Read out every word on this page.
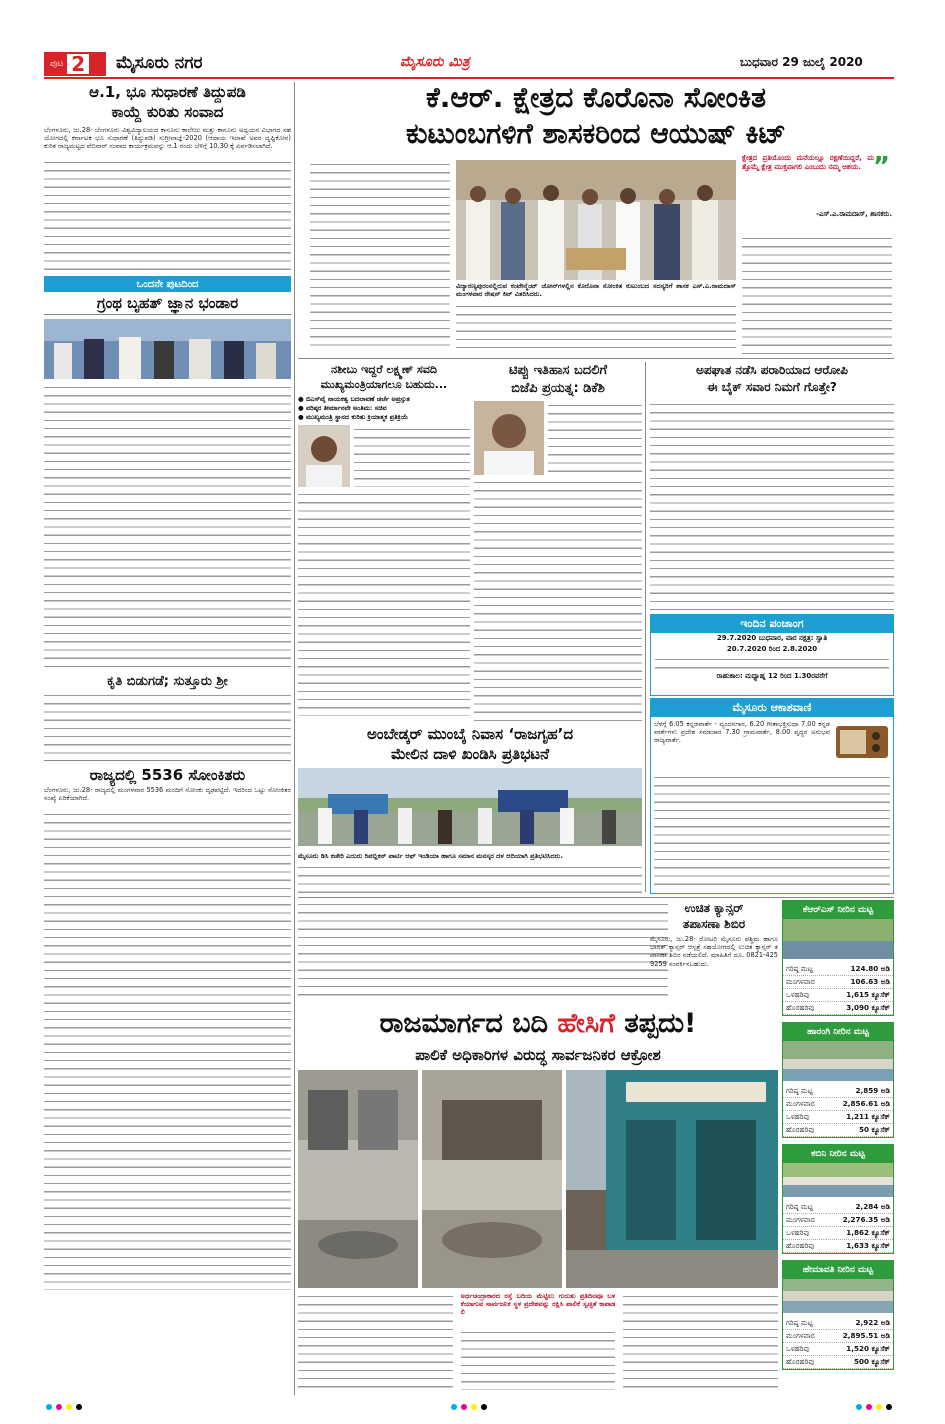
ಪುಟ 2 ಮೈಸೂರು ನಗರ	ಮೈಸೂರು ಮಿತ್ರ	ಬುಧವಾರ 29 ಜುಲೈ 2020
ಆ.1, ಭೂ ಸುಧಾರಣೆ ತಿದ್ದುಪಡಿ
ಕಾಯ್ದೆ ಕುರಿತು ಸಂವಾದ
ಬೆಂಗಳೂರು, ಜು.28- ಬೆಂಗಳೂರು ವಿಶ್ವವಿದ್ಯಾಲಯದ ಕಾನೂನು ಕಾಲೇಜು ಮತ್ತು ಕಾನೂನು ಅಧ್ಯಯನ ವಿಭಾಗದ ಸಹಯೋಗದಲ್ಲಿ ಕರ್ನಾಟಕ ಭೂ ಸುಧಾರಣೆ (ತಿದ್ದುಪಡಿ) ಸುಗ್ರೀವಾಜ್ಞೆ-2020 (ಆದಾಯ ಇಲಾಖೆ ಅವರ ದೃಷ್ಟಿಕೋನ) ಕುರಿತ ರಾಜ್ಯಮಟ್ಟದ ವೆಬಿನಾರ್ ಸಂವಾದ ಕಾರ್ಯಕ್ರಮವನ್ನು ಆ.1 ರಂದು ಬೆಳಿಗ್ಗೆ 10.30 ಕ್ಕೆ ಏರ್ಪಡಿಸಲಾಗಿದೆ.
ಒಂದನೇ ಪುಟದಿಂದ
ಗ್ರಂಥ ಬೃಹತ್ ಜ್ಞಾನ ಭಂಡಾರ
ಕೃತಿ ಬಿಡುಗಡೆ; ಸುತ್ತೂರು ಶ್ರೀ
ರಾಜ್ಯದಲ್ಲಿ 5536 ಸೋಂಕಿತರು
ಬೆಂಗಳೂರು, ಜು.28- ರಾಜ್ಯದಲ್ಲಿ ಮಂಗಳವಾರ 5536 ಮಂದಿಗೆ ಸೋಂಕು ದೃಢಪಟ್ಟಿದೆ. ಇದರಿಂದ ಒಟ್ಟು ಸೋಂಕಿತರ ಸಂಖ್ಯೆ ಏರಿಕೆಯಾಗಿದೆ.
ಕೆ.ಆರ್. ಕ್ಷೇತ್ರದ ಕೊರೊನಾ ಸೋಂಕಿತ
ಕುಟುಂಬಗಳಿಗೆ ಶಾಸಕರಿಂದ ಆಯುಷ್ ಕಿಟ್
ವಿದ್ಯಾರಣ್ಯಪುರಂನಲ್ಲಿರುವ ಕಂಟೇನ್ಮೆಂಟ್ ಜೋನ್‌ಗಳಲ್ಲಿನ ಕೊರೊನಾ ಸೋಂಕಿತ ಕುಟುಂಬದ ಸದಸ್ಯರಿಗೆ ಶಾಸಕ ಎಸ್.ಎ.ರಾಮದಾಸ್ ಮಂಗಳವಾರ ರೇಷನ್ ಕಿಟ್ ವಿತರಿಸಿದರು.
”
ಕ್ಷೇತ್ರದ ಪ್ರತಿಯೊಂದು ಮನೆಯಲ್ಲೂ ರಕ್ಷಣೆಯಿದ್ದರೆ, ಮತ್ತೊಮ್ಮೆ ಕ್ಷೇತ್ರ ಮುಕ್ತವಾಗಲಿ ಎಂಬುದು ನಮ್ಮ ಆಶಯ.
-ಎಸ್.ಎ.ರಾಮದಾಸ್, ಶಾಸಕರು.
ನಶೀಬು ಇದ್ದರೆ ಲಕ್ಷ್ಮಣ್ ಸವದಿ
ಮುಖ್ಯಮಂತ್ರಿಯಾಗಲೂ ಬಹುದು...
● ಬಿಎಸ್‌ವೈ ನಾಯಕತ್ವ ಬದಲಾವಣೆ ಚರ್ಚೆ ಅಪ್ರಸ್ತುತ
● ವರಿಷ್ಠರ ತೀರ್ಮಾನವೇ ಅಂತಿಮ: ಸಚಿವ
● ಮುಖ್ಯಮಂತ್ರಿ ಸ್ಥಾನದ ಕುರಿತು ಕ್ರಿಯಾತ್ಮಕ ಪ್ರತಿಕ್ರಿಯೆ
ಟಿಪ್ಪು ಇತಿಹಾಸ ಬದಲಿಗೆ
ಬಿಜೆಪಿ ಪ್ರಯತ್ನ: ಡಿಕೆಶಿ
ಅಂಬೇಡ್ಕರ್ ಮುಂಬೈ ನಿವಾಸ ‘ರಾಜಗೃಹ’ದ
ಮೇಲಿನ ದಾಳಿ ಖಂಡಿಸಿ ಪ್ರತಿಭಟನೆ
ಮೈಸೂರು ಡಿಸಿ ಕಚೇರಿ ಎದುರು ರಿಪಬ್ಲಿಕನ್ ಪಾರ್ಟಿ ಆಫ್ ಇಂಡಿಯಾ ಹಾಗೂ ಸಮಾನ ಮನಸ್ಕರ ದಳ ಆದಿಯಾಗಿ ಪ್ರತಿಭಟಿಸಿದರು.
ಅಪಘಾತ ನಡೆಸಿ ಪರಾರಿಯಾದ ಆರೋಪಿ
ಈ ಬೈಕ್ ಸವಾರ ನಿಮಗೆ ಗೊತ್ತೇ?
ಇಂದಿನ ಪಂಚಾಂಗ
29.7.2020 ಬುಧವಾರ, ವಾರ ನಕ್ಷತ್ರ: ಸ್ವಾತಿ
20.7.2020 ರಿಂದ 2.8.2020
ರಾಹುಕಾಲ: ಮಧ್ಯಾಹ್ನ 12 ರಿಂದ 1.30ರವರೆಗೆ
ಮೈಸೂರು ಆಕಾಶವಾಣಿ
ಬೆಳಗ್ಗೆ 6.05 ಕನ್ನಡವಾರ್ತೆ - ವ್ಯಂದನಗಾನ, 6.20 ಗೀತಾಭಕ್ತಿಸುಧಾ 7.00 ಕನ್ನಡ ವಾರ್ತೆಗಳು ಪ್ರದೇಶ ಸಮಾಚಾರ 7.30 ಗ್ರಾಮವಾರ್ತೆ, 8.00 ವೃದ್ಧರ ಅನುಭವ ರಾಜ್ಯವಾರ್ತೆ.
ರಾಜಮಾರ್ಗದ ಬದಿ ಹೇಸಿಗೆ ತಪ್ಪದು!
ಪಾಲಿಕೆ ಅಧಿಕಾರಿಗಳ ವಿರುದ್ಧ ಸಾರ್ವಜನಿಕರ ಆಕ್ರೋಶ
ಅರ್ಧಚಂದ್ರಾಕಾರದ ರಸ್ತೆ ಬದಿಯ ಮೆಟ್ಟಿಲು ಗುರುತು ಪ್ರತಿದಿನವೂ ಬಳಕೆಯಾಗುವ ಸಾರ್ವಜನಿಕ ಸ್ಥಳ ಪ್ರದೇಶವನ್ನು ರಕ್ಷಿಸಿ ಪಾಲಿಕೆ ಸ್ವಚ್ಛತೆ ಕಾಪಾಡಲಿ
ಉಚಿತ ಕ್ಯಾನ್ಸರ್
ತಪಾಸಣಾ ಶಿಬಿರ
ಮೈಸೂರು, ಜು.28- ರೋಟರಿ ಮೈಸೂರು ಪಶ್ಚಿಮ ಹಾಗೂ ಭಾರತ್ ಕ್ಯಾನ್ಸರ್ ಆಸ್ಪತ್ರೆ ಸಹಯೋಗದಲ್ಲಿ ಉಚಿತ ಕ್ಯಾನ್ಸರ್ ತಪಾಸಣಾ ಶಿಬಿರ ನಡೆಯಲಿದೆ. ಮಾಹಿತಿಗೆ ದೂ. 0821-4259259 ಸಂಪರ್ಕಿಸಬಹುದು.
ಕೆಆರ್‌ಎಸ್ ನೀರಿನ ಮಟ್ಟ
ಗರಿಷ್ಠ ಮಟ್ಟ	124.80 ಅಡಿ
ಮಂಗಳವಾರ	106.63 ಅಡಿ
ಒಳಹರಿವು	1,615 ಕ್ಯೂಸೆಕ್
ಹೊರಹರಿವು	3,090 ಕ್ಯೂಸೆಕ್
ಹಾರಂಗಿ ನೀರಿನ ಮಟ್ಟ
ಗರಿಷ್ಠ ಮಟ್ಟ	2,859 ಅಡಿ
ಮಂಗಳವಾರ	2,856.61 ಅಡಿ
ಒಳಹರಿವು	1,211 ಕ್ಯೂಸೆಕ್
ಹೊರಹರಿವು	50 ಕ್ಯೂಸೆಕ್
ಕಬಿನಿ ನೀರಿನ ಮಟ್ಟ
ಗರಿಷ್ಠ ಮಟ್ಟ	2,284 ಅಡಿ
ಮಂಗಳವಾರ	2,276.35 ಅಡಿ
ಒಳಹರಿವು	1,862 ಕ್ಯೂಸೆಕ್
ಹೊರಹರಿವು	1,633 ಕ್ಯೂಸೆಕ್
ಹೇಮಾವತಿ ನೀರಿನ ಮಟ್ಟ
ಗರಿಷ್ಠ ಮಟ್ಟ	2,922 ಅಡಿ
ಮಂಗಳವಾರ	2,895.51 ಅಡಿ
ಒಳಹರಿವು	1,520 ಕ್ಯೂಸೆಕ್
ಹೊರಹರಿವು	500 ಕ್ಯೂಸೆಕ್
